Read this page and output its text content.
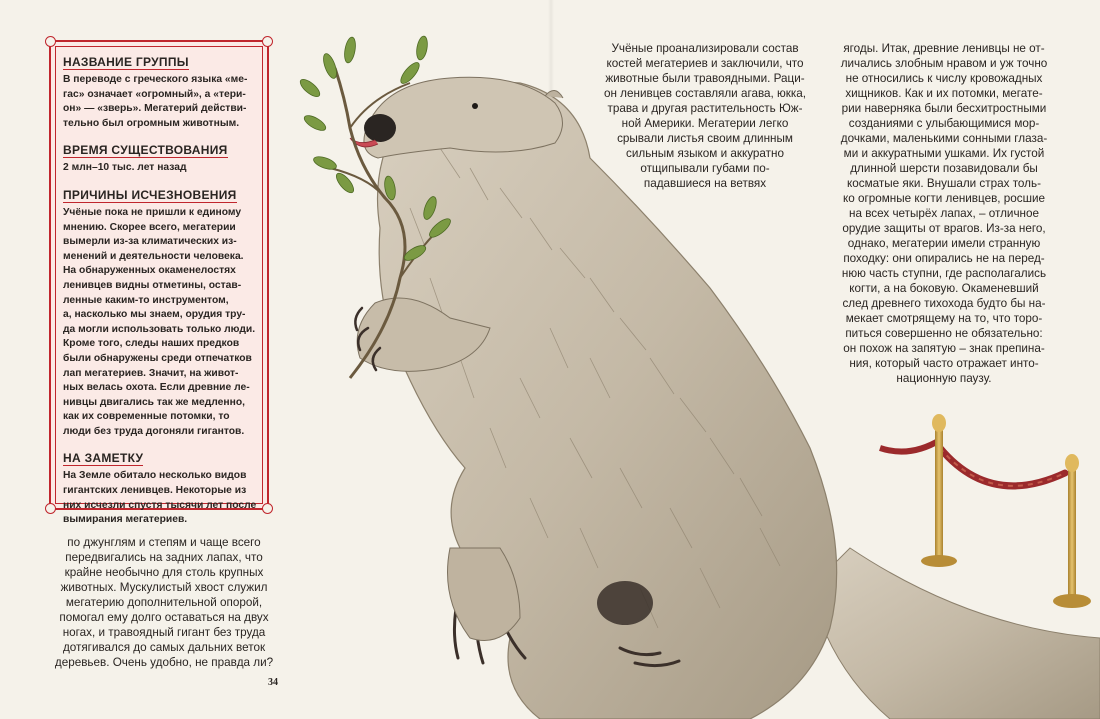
НАЗВАНИЕ ГРУППЫ
В переводе с греческого языка «ме-
гас» означает «огромный», а «тери-
он» — «зверь». Мегатерий действи-
тельно был огромным животным.
ВРЕМЯ СУЩЕСТВОВАНИЯ
2 млн–10 тыс. лет назад
ПРИЧИНЫ ИСЧЕЗНОВЕНИЯ
Учёные пока не пришли к единому
мнению. Скорее всего, мегатерии
вымерли из-за климатических из-
менений и деятельности человека.
На обнаруженных окаменелостях
ленивцев видны отметины, остав-
ленные каким-то инструментом,
а, насколько мы знаем, орудия тру-
да могли использовать только люди.
Кроме того, следы наших предков
были обнаружены среди отпечатков
лап мегатериев. Значит, на живот-
ных велась охота. Если древние ле-
нивцы двигались так же медленно,
как их современные потомки, то
люди без труда догоняли гигантов.
НА ЗАМЕТКУ
На Земле обитало несколько видов
гигантских ленивцев. Некоторые из
них исчезли спустя тысячи лет после
вымирания мегатериев.
по джунглям и степям и чаще всего
передвигались на задних лапах, что
крайне необычно для столь крупных
животных. Мускулистый хвост служил
мегатерию дополнительной опорой,
помогал ему долго оставаться на двух
ногах, и травоядный гигант без труда
дотягивался до самых дальних веток
деревьев. Очень удобно, не правда ли?
Учёные проанализировали состав
костей мегатериев и заключили, что
животные были травоядными. Раци-
он ленивцев составляли агава, юкка,
трава и другая растительность Юж-
ной Америки. Мегатерии легко
срывали листья своим длинным
сильным языком и аккуратно
отщипывали губами по-
падавшиеся на ветвях
ягоды. Итак, древние ленивцы не от-
личались злобным нравом и уж точно
не относились к числу кровожадных
хищников. Как и их потомки, мегате-
рии наверняка были бесхитростными
созданиями с улыбающимися мор-
дочками, маленькими сонными глаза-
ми и аккуратными ушками. Их густой
длинной шерсти позавидовали бы
косматые яки. Внушали страх толь-
ко огромные когти ленивцев, росшие
на всех четырёх лапах, – отличное
орудие защиты от врагов. Из-за него,
однако, мегатерии имели странную
походку: они опирались не на перед-
нюю часть ступни, где располагались
когти, а на боковую. Окаменевший
след древнего тихохода будто бы на-
мекает смотрящему на то, что торо-
питься совершенно не обязательно:
он похож на запятую – знак препина-
ния, который часто отражает инто-
национную паузу.
34
